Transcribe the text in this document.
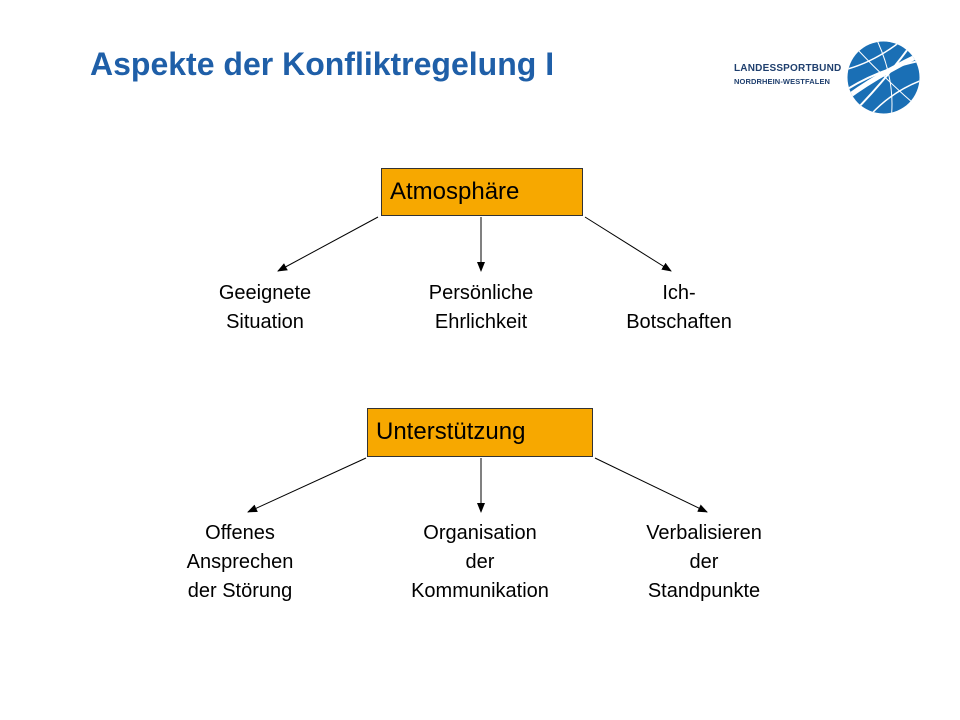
Aspekte der Konfliktregelung I	LANDESSPORTBUND
NORDRHEIN-WESTFALEN
Atmosphäre
Geeignete
Situation
Persönliche
Ehrlichkeit
Ich-
Botschaften
Unterstützung
Offenes
Ansprechen
der Störung
Organisation
der
Kommunikation
Verbalisieren
der
Standpunkte
